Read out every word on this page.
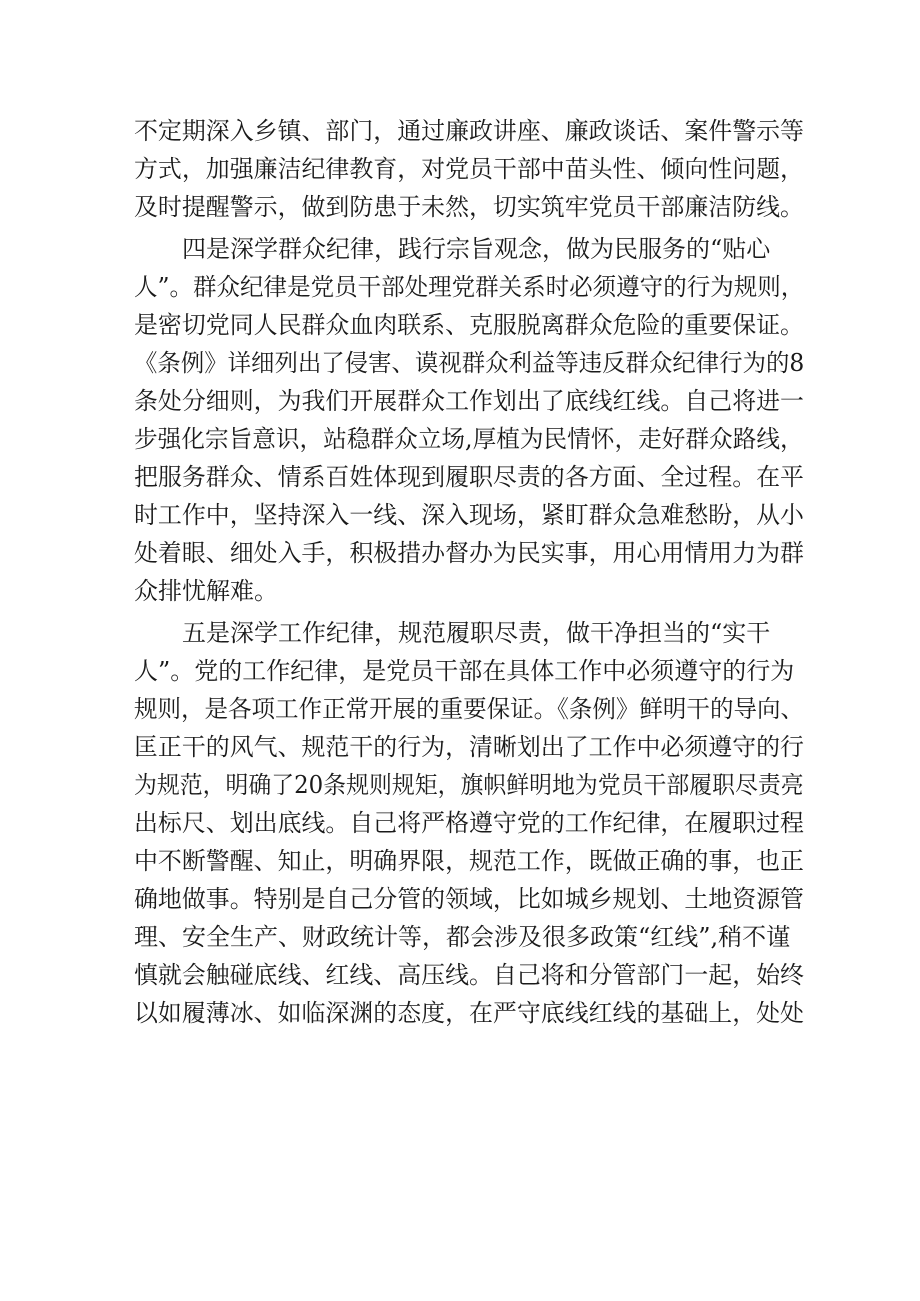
不定期深入乡镇、部门，通过廉政讲座、廉政谈话、案件警示等
方式，加强廉洁纪律教育，对党员干部中苗头性、倾向性问题，
及时提醒警示，做到防患于未然，切实筑牢党员干部廉洁防线。
四是深学群众纪律，践行宗旨观念，做为民服务的“贴心
人”。群众纪律是党员干部处理党群关系时必须遵守的行为规则，
是密切党同人民群众血肉联系、克服脱离群众危险的重要保证。
《条例》详细列出了侵害、谟视群众利益等违反群众纪律行为的8
条处分细则，为我们开展群众工作划出了底线红线。自己将进一
步强化宗旨意识，站稳群众立场,厚植为民情怀，走好群众路线，
把服务群众、情系百姓体现到履职尽责的各方面、全过程。在平
时工作中，坚持深入一线、深入现场，紧盯群众急难愁盼，从小
处着眼、细处入手，积极措办督办为民实事，用心用情用力为群
众排忧解难。
五是深学工作纪律，规范履职尽责，做干净担当的“实干
人”。党的工作纪律，是党员干部在具体工作中必须遵守的行为
规则，是各项工作正常开展的重要保证。《条例》鲜明干的导向、
匡正干的风气、规范干的行为，清晰划出了工作中必须遵守的行
为规范，明确了20条规则规矩，旗帜鲜明地为党员干部履职尽责亮
出标尺、划出底线。自己将严格遵守党的工作纪律，在履职过程
中不断警醒、知止，明确界限，规范工作，既做正确的事，也正
确地做事。特别是自己分管的领域，比如城乡规划、土地资源管
理、安全生产、财政统计等，都会涉及很多政策“红线”,稍不谨
慎就会触碰底线、红线、高压线。自己将和分管部门一起，始终
以如履薄冰、如临深渊的态度，在严守底线红线的基础上，处处
